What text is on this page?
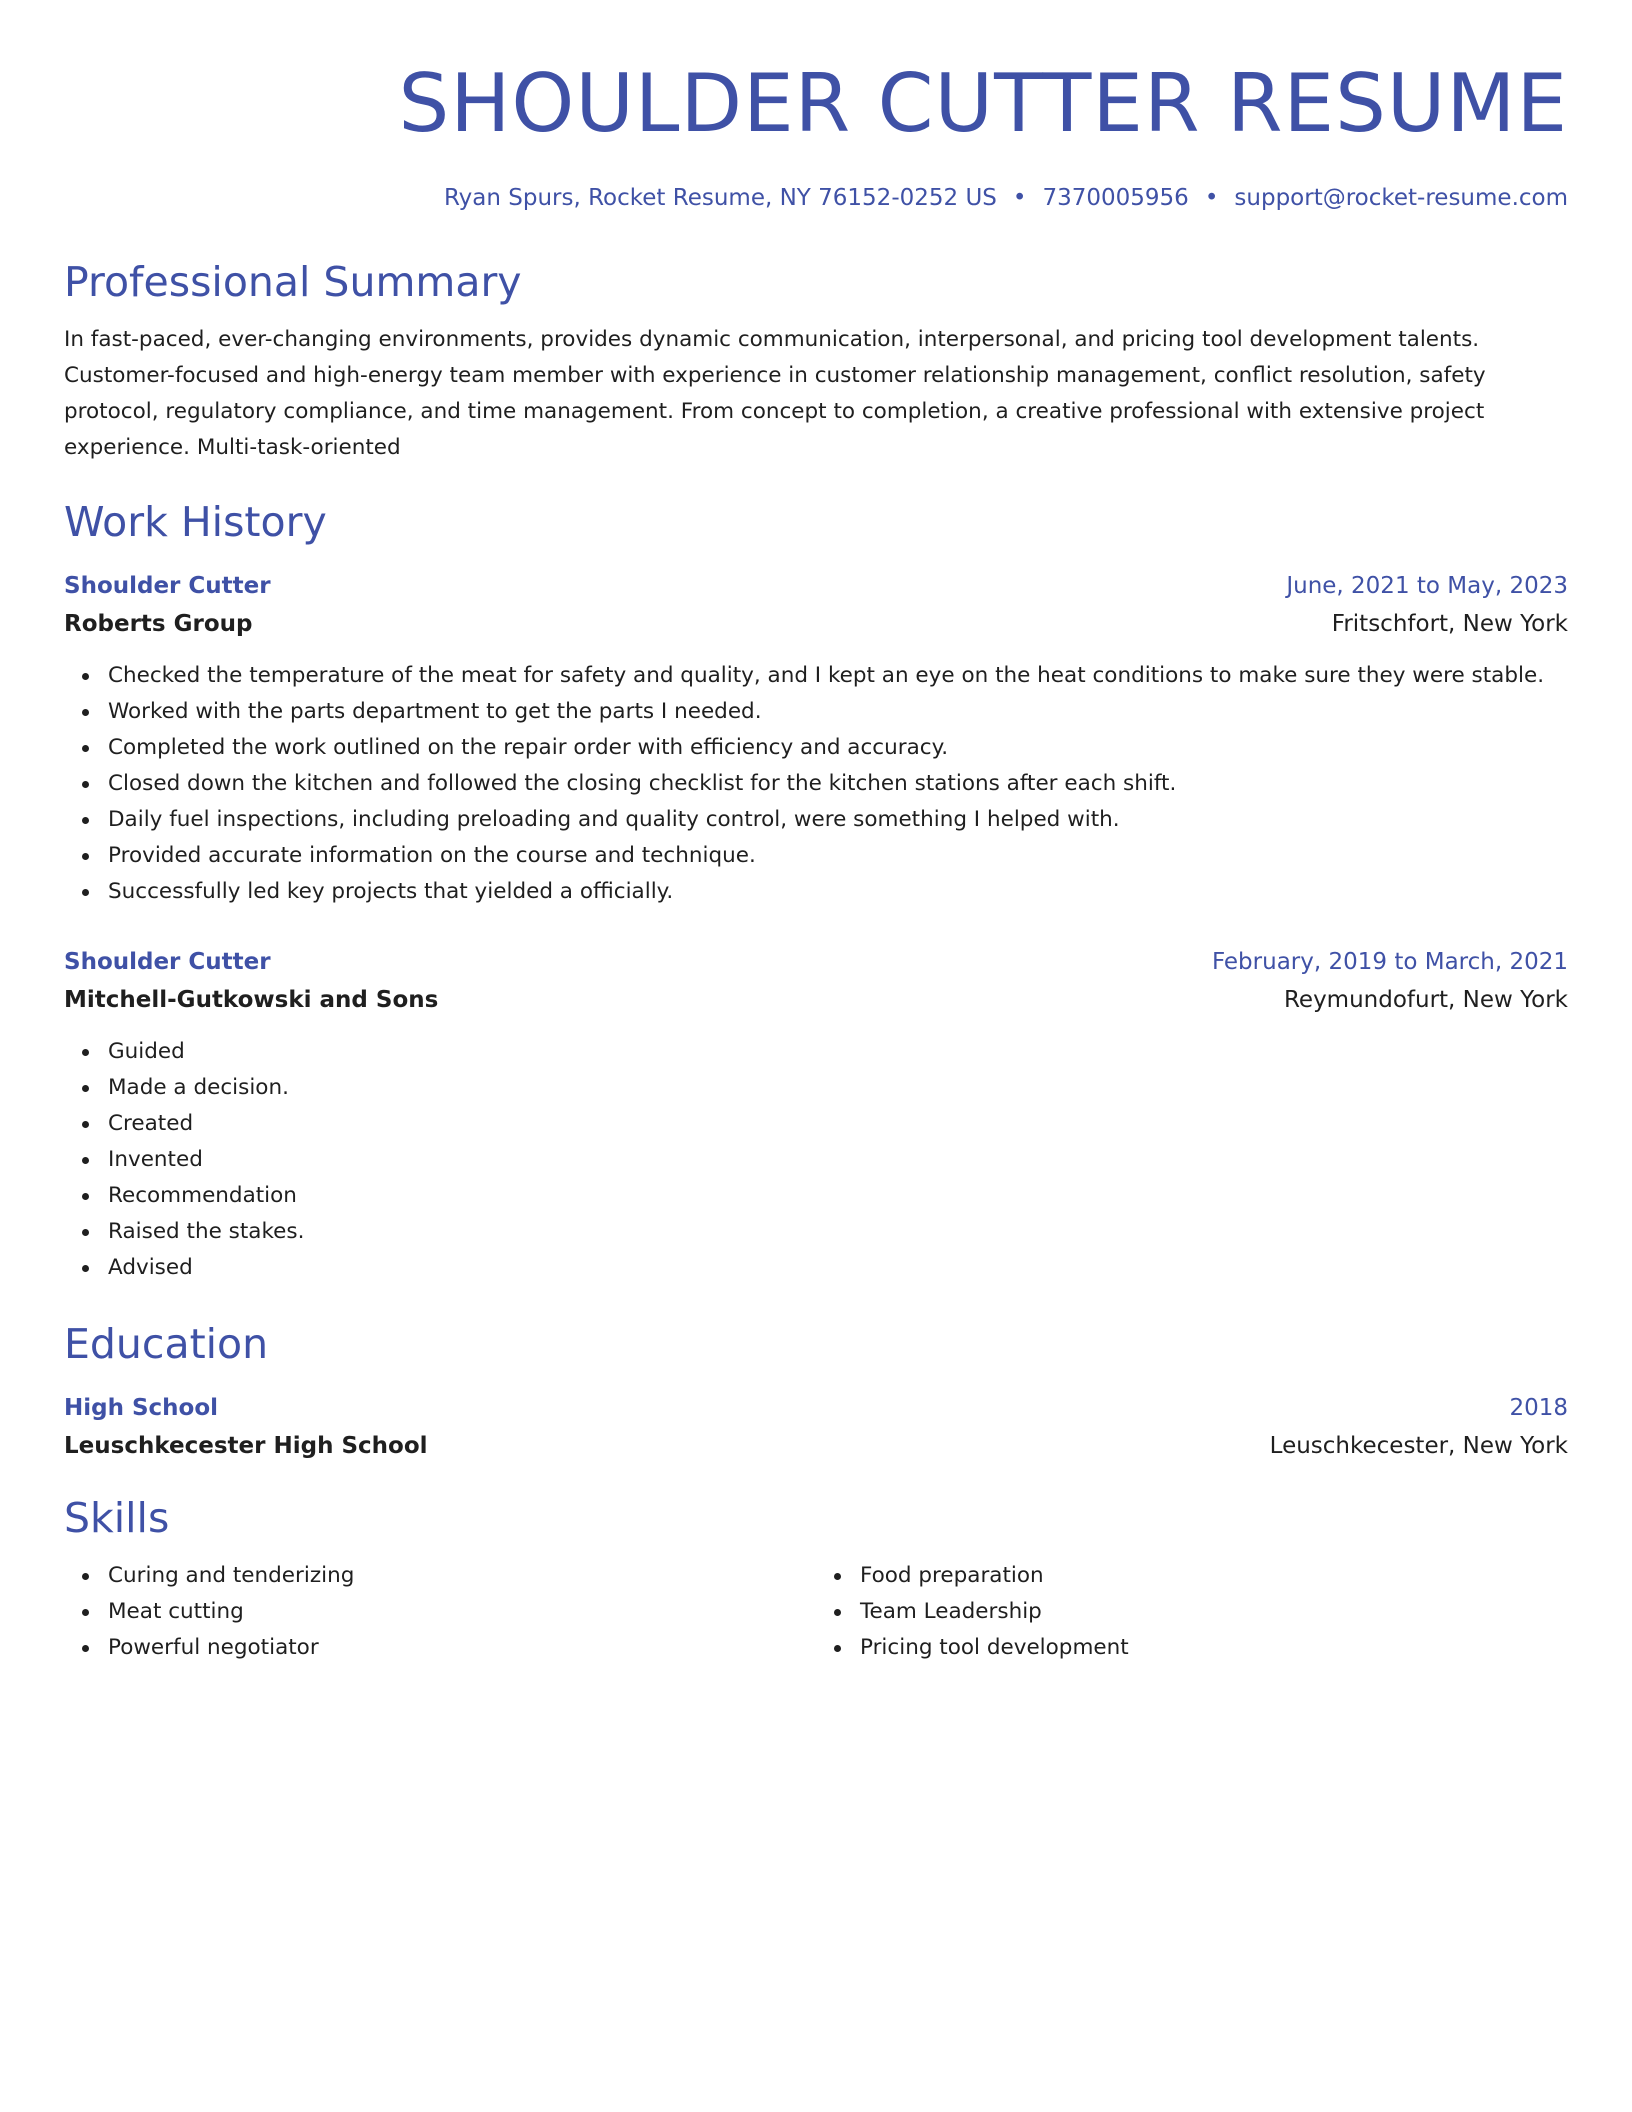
SHOULDER CUTTER RESUME
Ryan Spurs, Rocket Resume, NY 76152-0252 US • 7370005956 • support@rocket-resume.com
Professional Summary
In fast-paced, ever-changing environments, provides dynamic communication, interpersonal, and pricing tool development talents. Customer-focused and high-energy team member with experience in customer relationship management, conflict resolution, safety protocol, regulatory compliance, and time management. From concept to completion, a creative professional with extensive project experience. Multi-task-oriented
Work History
Shoulder Cutter	June, 2021 to May, 2023
Roberts Group	Fritschfort, New York
Checked the temperature of the meat for safety and quality, and I kept an eye on the heat conditions to make sure they were stable.
Worked with the parts department to get the parts I needed.
Completed the work outlined on the repair order with efficiency and accuracy.
Closed down the kitchen and followed the closing checklist for the kitchen stations after each shift.
Daily fuel inspections, including preloading and quality control, were something I helped with.
Provided accurate information on the course and technique.
Successfully led key projects that yielded a officially.
Shoulder Cutter	February, 2019 to March, 2021
Mitchell-Gutkowski and Sons	Reymundofurt, New York
Guided
Made a decision.
Created
Invented
Recommendation
Raised the stakes.
Advised
Education
High School	2018
Leuschkecester High School	Leuschkecester, New York
Skills
Curing and tenderizing
Meat cutting
Powerful negotiator
Food preparation
Team Leadership
Pricing tool development
